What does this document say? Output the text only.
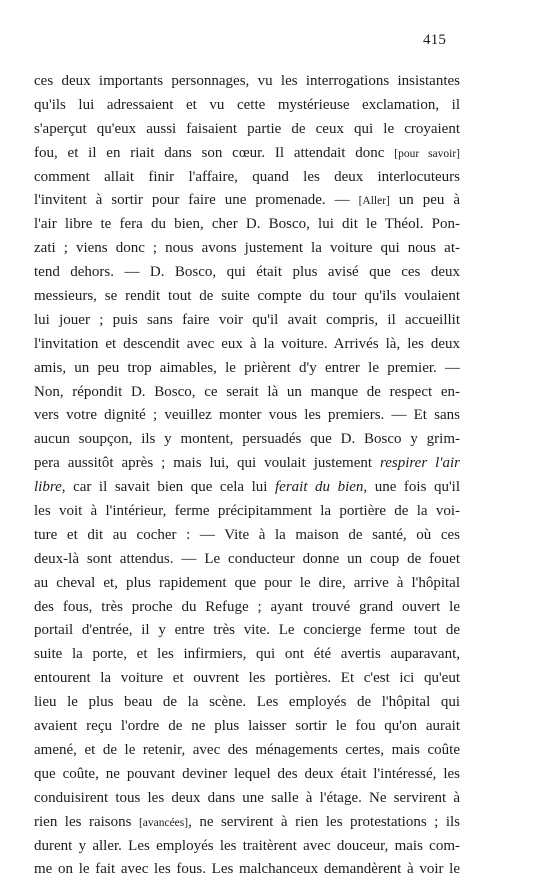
415
ces deux importants personnages, vu les interrogations insistantes
qu'ils lui adressaient et vu cette mystérieuse exclamation, il
s'aperçut qu'eux aussi faisaient partie de ceux qui le croyaient
fou, et il en riait dans son cœur. Il attendait donc [pour savoir]
comment allait finir l'affaire, quand les deux interlocuteurs
l'invitent à sortir pour faire une promenade. — [Aller] un peu à
l'air libre te fera du bien, cher D. Bosco, lui dit le Théol. Pon-
zati ; viens donc ; nous avons justement la voiture qui nous at-
tend dehors. — D. Bosco, qui était plus avisé que ces deux
messieurs, se rendit tout de suite compte du tour qu'ils voulaient
lui jouer ; puis sans faire voir qu'il avait compris, il accueillit
l'invitation et descendit avec eux à la voiture. Arrivés là, les deux
amis, un peu trop aimables, le prièrent d'y entrer le premier. —
Non, répondit D. Bosco, ce serait là un manque de respect en-
vers votre dignité ; veuillez monter vous les premiers. — Et sans
aucun soupçon, ils y montent, persuadés que D. Bosco y grim-
pera aussitôt après ; mais lui, qui voulait justement respirer l'air
libre, car il savait bien que cela lui ferait du bien, une fois qu'il
les voit à l'intérieur, ferme précipitamment la portière de la voi-
ture et dit au cocher : — Vite à la maison de santé, où ces
deux-là sont attendus. — Le conducteur donne un coup de fouet
au cheval et, plus rapidement que pour le dire, arrive à l'hôpital
des fous, très proche du Refuge ; ayant trouvé grand ouvert le
portail d'entrée, il y entre très vite. Le concierge ferme tout de
suite la porte, et les infirmiers, qui ont été avertis auparavant,
entourent la voiture et ouvrent les portières. Et c'est ici qu'eut
lieu le plus beau de la scène. Les employés de l'hôpital qui
avaient reçu l'ordre de ne plus laisser sortir le fou qu'on aurait
amené, et de le retenir, avec des ménagements certes, mais coûte
que coûte, ne pouvant deviner lequel des deux était l'intéressé, les
conduisirent tous les deux dans une salle à l'étage. Ne servirent à
rien les raisons [avancées], ne servirent à rien les protestations ; ils
durent y aller. Les employés les traitèrent avec douceur, mais com-
me on le fait avec les fous. Les malchanceux demandèrent à voir le
